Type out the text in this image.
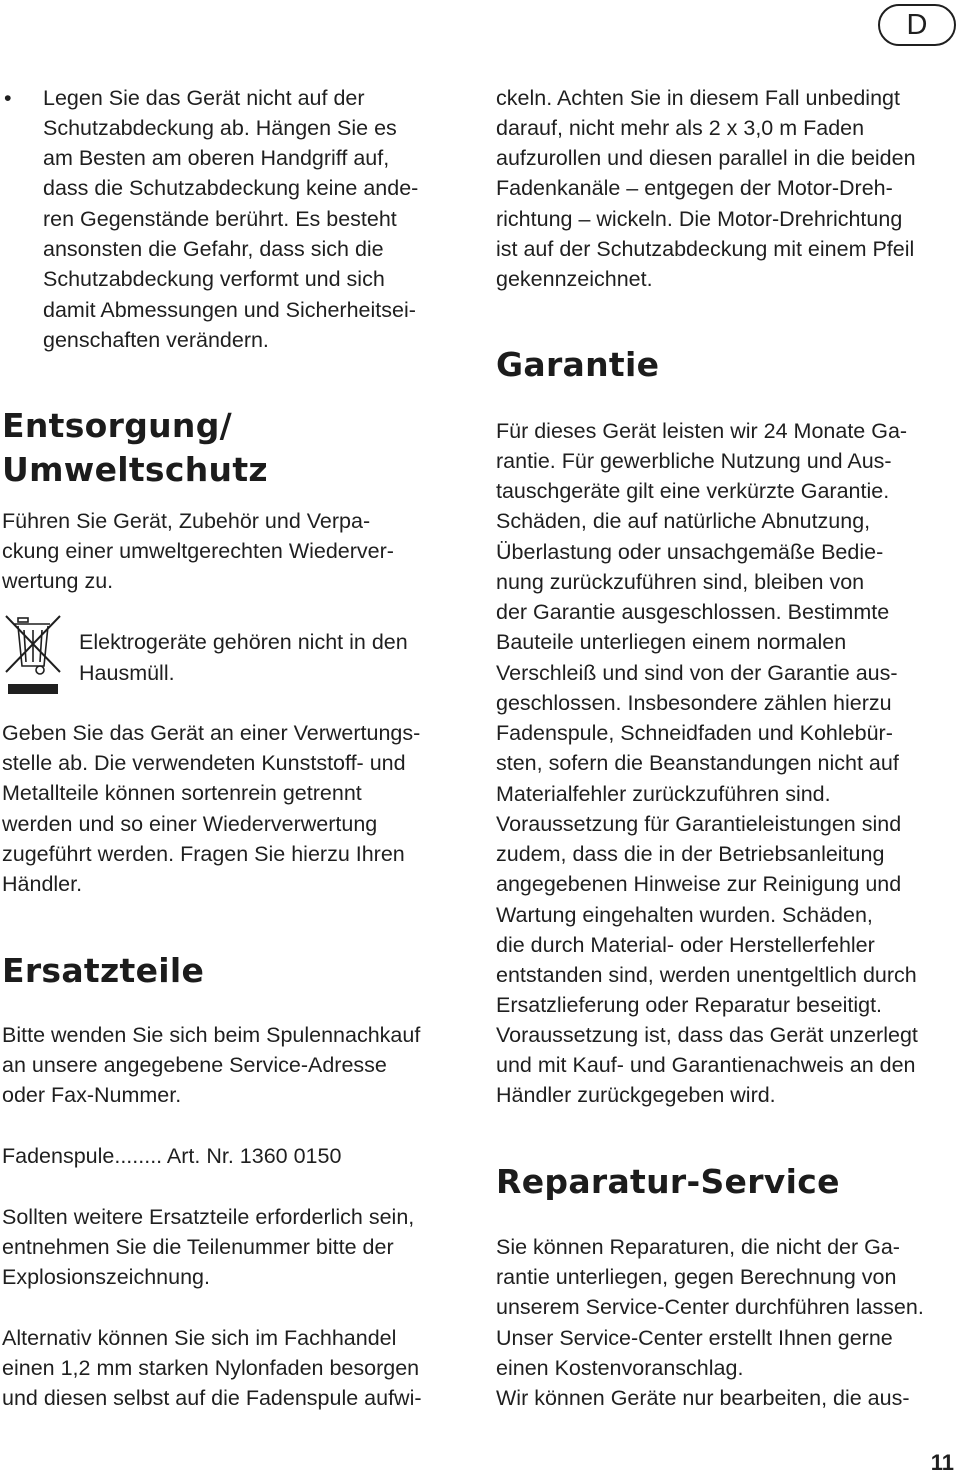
D
• Legen Sie das Gerät nicht auf der

Schutzabdeckung ab. Hängen Sie es

am Besten am oberen Handgriff auf,

dass die Schutzabdeckung keine ande-

ren Gegenstände berührt. Es besteht

ansonsten die Gefahr, dass sich die

Schutzabdeckung verformt und sich

damit Abmessungen und Sicherheitsei-

genschaften verändern.

Entsorgung/
Umweltschutz

Führen Sie Gerät, Zubehör und Verpa-

ckung einer umweltgerechten Wiederver-

wertung zu.

Elektrogeräte gehören nicht in den

Hausmüll.

Geben Sie das Gerät an einer Verwertungs-

stelle ab. Die verwendeten Kunststoff- und

Metallteile können sortenrein getrennt

werden und so einer Wiederverwertung

zugeführt werden. Fragen Sie hierzu Ihren

Händler.

Ersatzteile

Bitte wenden Sie sich beim Spulennachkauf

an unsere angegebene Service-Adresse

oder Fax-Nummer.

Fadenspule........ Art. Nr. 1360 0150

Sollten weitere Ersatzteile erforderlich sein,

entnehmen Sie die Teilenummer bitte der

Explosionszeichnung.

Alternativ können Sie sich im Fachhandel

einen 1,2 mm starken Nylonfaden besorgen

und diesen selbst auf die Fadenspule aufwi-

ckeln. Achten Sie in diesem Fall unbedingt

darauf, nicht mehr als 2 x 3,0 m Faden

aufzurollen und diesen parallel in die beiden

Fadenkanäle – entgegen der Motor-Dreh-

richtung – wickeln. Die Motor-Drehrichtung

ist auf der Schutzabdeckung mit einem Pfeil

gekennzeichnet.

Garantie

Für dieses Gerät leisten wir 24 Monate Ga-

rantie. Für gewerbliche Nutzung und Aus-

tauschgeräte gilt eine verkürzte Garantie.

Schäden, die auf natürliche Abnutzung,

Überlastung oder unsachgemäße Bedie-

nung zurückzuführen sind, bleiben von

der Garantie ausgeschlossen. Bestimmte

Bauteile unterliegen einem normalen

Verschleiß und sind von der Garantie aus-

geschlossen. Insbesondere zählen hierzu

Fadenspule, Schneidfaden und Kohlebür-

sten, sofern die Beanstandungen nicht auf

Materialfehler zurückzuführen sind.

Voraussetzung für Garantieleistungen sind

zudem, dass die in der Betriebsanleitung

angegebenen Hinweise zur Reinigung und

Wartung eingehalten wurden. Schäden,

die durch Material- oder Herstellerfehler

entstanden sind, werden unentgeltlich durch

Ersatzlieferung oder Reparatur beseitigt.

Voraussetzung ist, dass das Gerät unzerlegt

und mit Kauf- und Garantienachweis an den

Händler zurückgegeben wird.

Reparatur-Service

Sie können Reparaturen, die nicht der Ga-

rantie unterliegen, gegen Berechnung von

unserem Service-Center durchführen lassen.

Unser Service-Center erstellt Ihnen gerne

einen Kostenvoranschlag.

Wir können Geräte nur bearbeiten, die aus-

11
